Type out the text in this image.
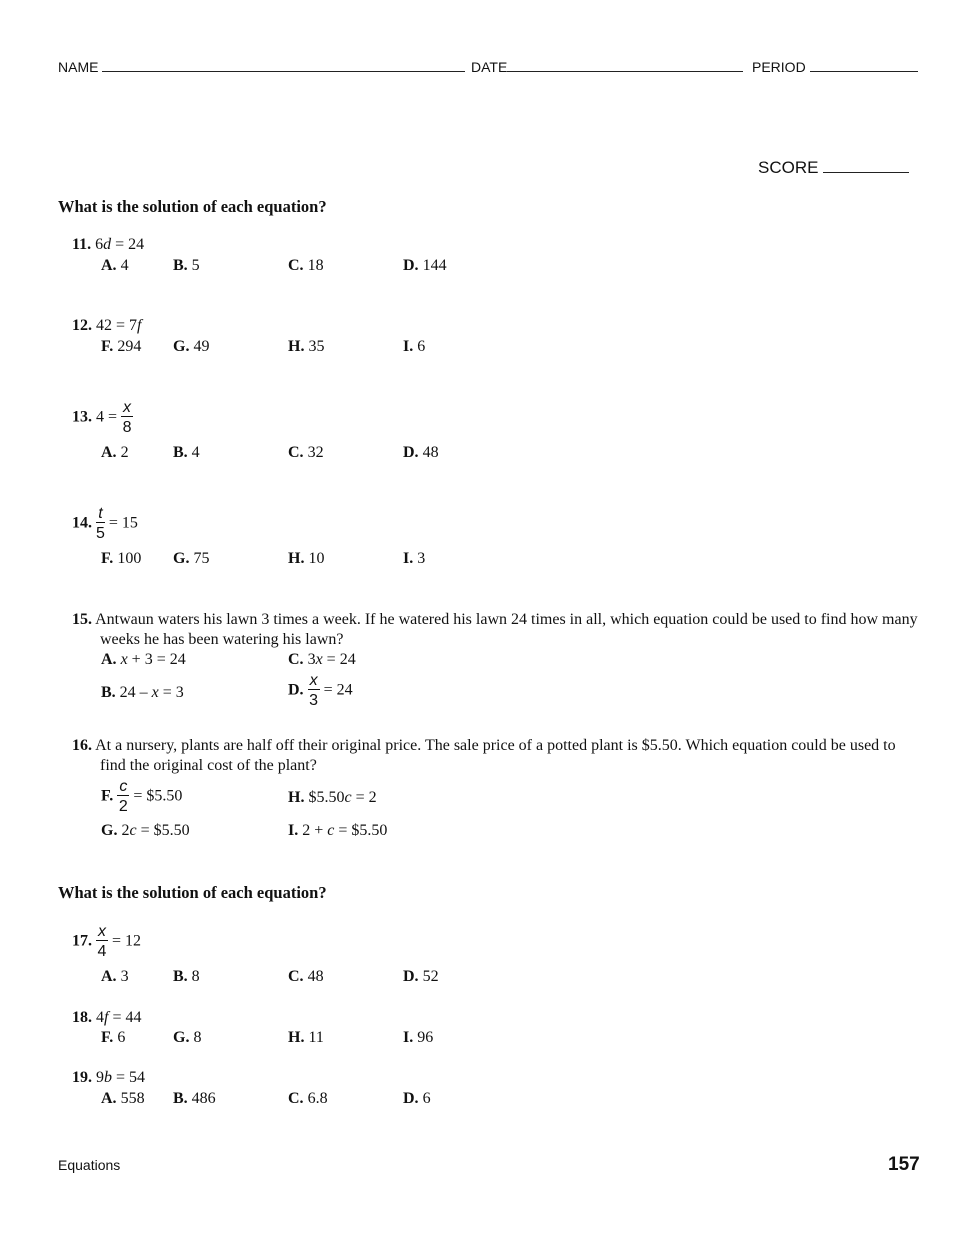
NAME	DATE	PERIOD
SCORE
What is the solution of each equation?
11. 6d = 24
A. 4	B. 5	C. 18	D. 144
12. 42 = 7f
F. 294 G. 49	H. 35	I. 6
13. $4 = \frac{x}{8}$
A. 2	B. 4	C. 32	D. 48
14. $\frac{t}{5} = 15$
F. 100 G. 75	H. 10	I. 3
15. Antwaun waters his lawn 3 times a week. If he watered his lawn 24 times in all, which equation could be used to find how many weeks he has been watering his lawn?
A. x + 3 = 24	C. 3x = 24
B. 24 – x = 3	D. $\frac{x}{3} = 24$
16. At a nursery, plants are half off their original price. The sale price of a potted plant is $5.50. Which equation could be used to find the original cost of the plant?
F. $\frac{c}{2}$ = $5.50	H. $5.50c = 2
G. 2c = $5.50	I. 2 + c = $5.50
What is the solution of each equation?
17. $\frac{x}{4} = 12$
A. 3	B. 8	C. 48	D. 52
18. 4f = 44
F. 6	G. 8	H. 11	I. 96
19. 9b = 54
A. 558 B. 486	C. 6.8	D. 6
Equations	157
